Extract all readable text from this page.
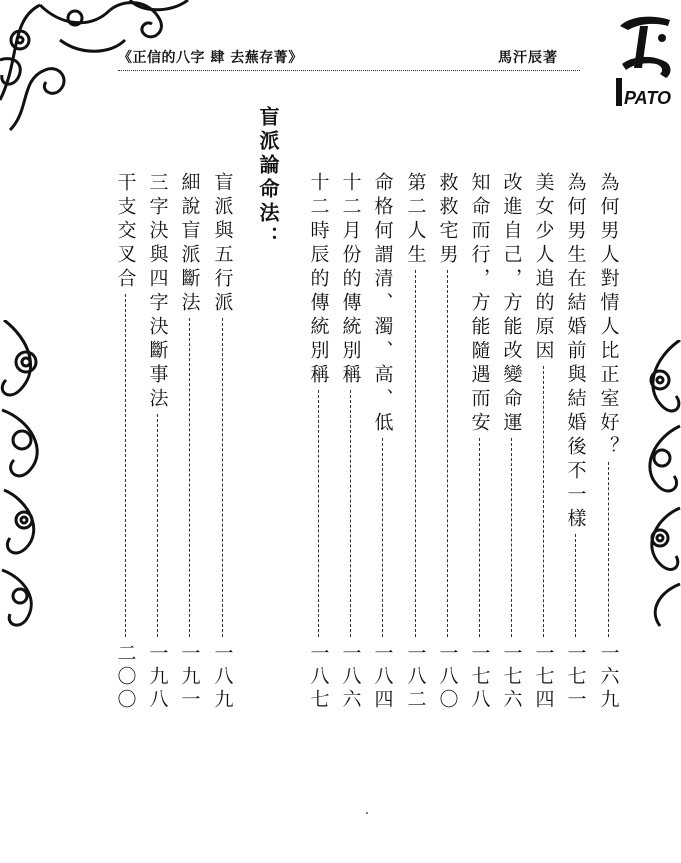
PATO
《正信的八字 肆 去蕪存菁》	馬汗辰著
為何男人對情人比正室好？
一六九
為何男生在結婚前與結婚後不一樣
一七一
美女少人追的原因
一七四
改進自己，方能改變命運
一七六
知命而行，方能隨遇而安
一七八
救救宅男
一八〇
第二人生
一八二
命格何謂清、濁、高、低
一八四
十二月份的傳統別稱
一八六
十二時辰的傳統別稱
一八七
盲派論命法：
盲派與五行派
一八九
細說盲派斷法
一九一
三字決與四字決斷事法
一九八
干支交叉合
二〇〇
